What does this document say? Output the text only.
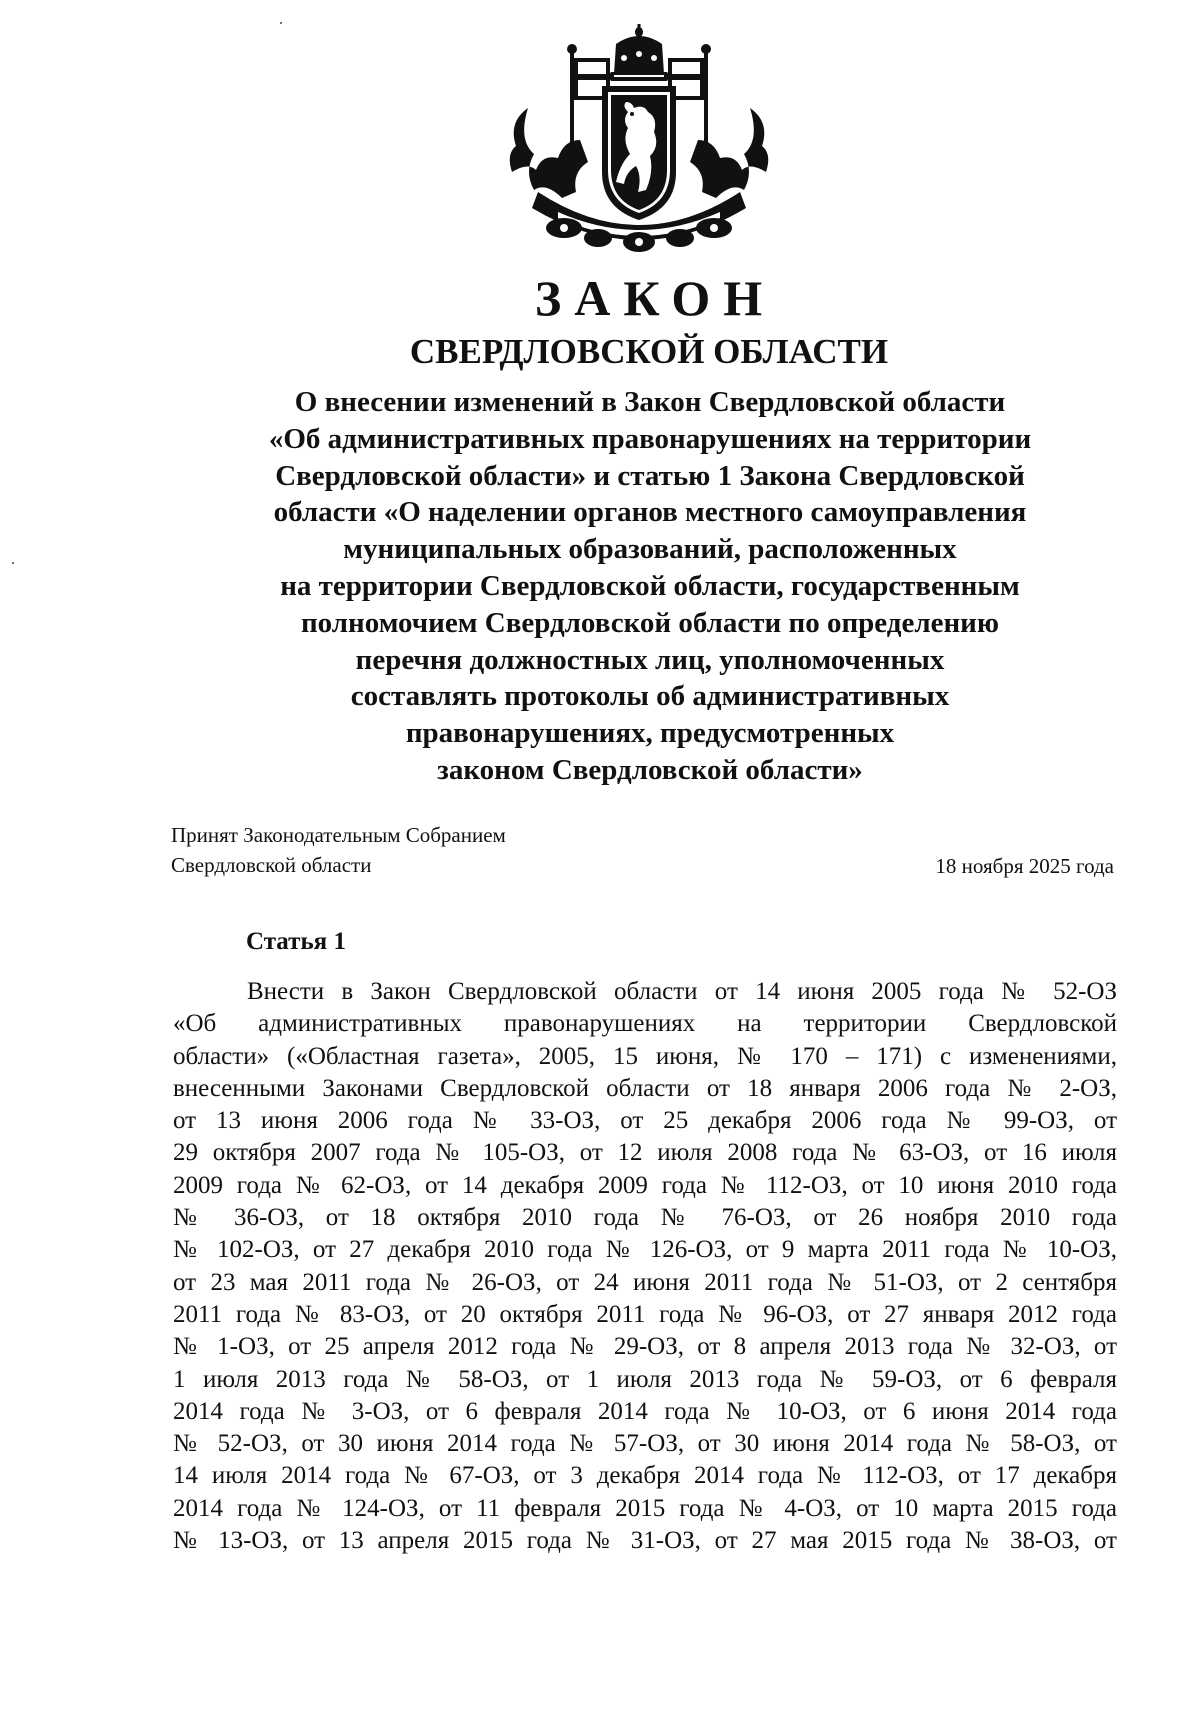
ЗАКОН
СВЕРДЛОВСКОЙ ОБЛАСТИ
О внесении изменений в Закон Свердловской области
«Об административных правонарушениях на территории
Свердловской области» и статью 1 Закона Свердловской
области «О наделении органов местного самоуправления
муниципальных образований, расположенных
на территории Свердловской области, государственным
полномочием Свердловской области по определению
перечня должностных лиц, уполномоченных
составлять протоколы об административных
правонарушениях, предусмотренных
законом Свердловской области»
Принят Законодательным Собранием
Свердловской области	18 ноября 2025 года
Статья 1
Внести в Закон Свердловской области от 14 июня 2005 года № 52-ОЗ
«Об административных правонарушениях на территории Свердловской
области» («Областная газета», 2005, 15 июня, № 170 – 171) с изменениями,
внесенными Законами Свердловской области от 18 января 2006 года № 2-ОЗ,
от 13 июня 2006 года № 33-ОЗ, от 25 декабря 2006 года № 99-ОЗ, от
29 октября 2007 года № 105-ОЗ, от 12 июля 2008 года № 63-ОЗ, от 16 июля
2009 года № 62-ОЗ, от 14 декабря 2009 года № 112-ОЗ, от 10 июня 2010 года
№ 36-ОЗ, от 18 октября 2010 года № 76-ОЗ, от 26 ноября 2010 года
№ 102-ОЗ, от 27 декабря 2010 года № 126-ОЗ, от 9 марта 2011 года № 10-ОЗ,
от 23 мая 2011 года № 26-ОЗ, от 24 июня 2011 года № 51-ОЗ, от 2 сентября
2011 года № 83-ОЗ, от 20 октября 2011 года № 96-ОЗ, от 27 января 2012 года
№ 1-ОЗ, от 25 апреля 2012 года № 29-ОЗ, от 8 апреля 2013 года № 32-ОЗ, от
1 июля 2013 года № 58-ОЗ, от 1 июля 2013 года № 59-ОЗ, от 6 февраля
2014 года № 3-ОЗ, от 6 февраля 2014 года № 10-ОЗ, от 6 июня 2014 года
№ 52-ОЗ, от 30 июня 2014 года № 57-ОЗ, от 30 июня 2014 года № 58-ОЗ, от
14 июля 2014 года № 67-ОЗ, от 3 декабря 2014 года № 112-ОЗ, от 17 декабря
2014 года № 124-ОЗ, от 11 февраля 2015 года № 4-ОЗ, от 10 марта 2015 года
№ 13-ОЗ, от 13 апреля 2015 года № 31-ОЗ, от 27 мая 2015 года № 38-ОЗ, от
